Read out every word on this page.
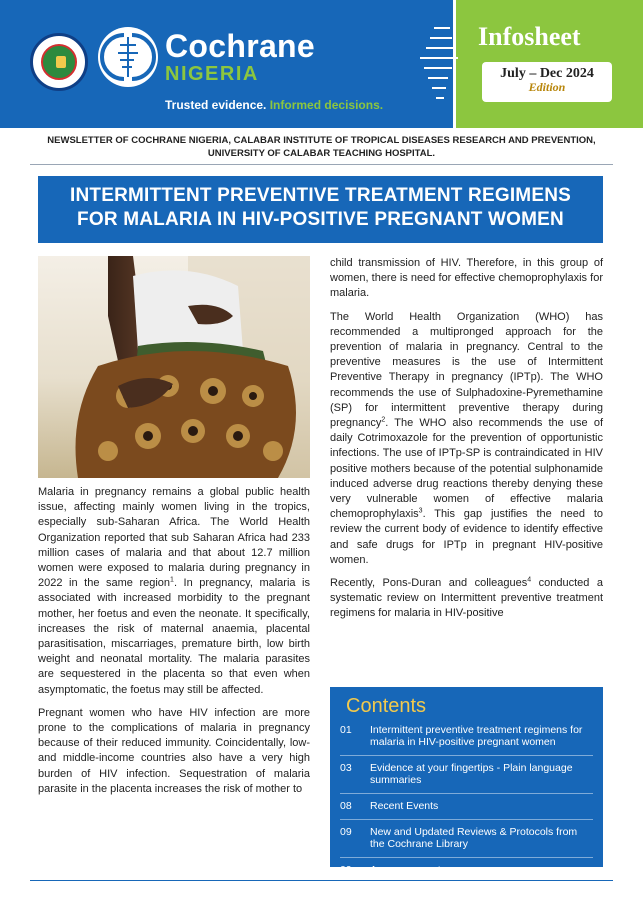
Cochrane
NIGERIA
Trusted evidence. Informed decisions.
Infosheet
July – Dec 2024
Edition
NEWSLETTER OF COCHRANE NIGERIA, CALABAR INSTITUTE OF TROPICAL DISEASES RESEARCH AND PREVENTION, UNIVERSITY OF CALABAR TEACHING HOSPITAL.
INTERMITTENT PREVENTIVE TREATMENT REGIMENS
FOR MALARIA IN HIV-POSITIVE PREGNANT WOMEN

Malaria in pregnancy remains a global public health issue, affecting mainly women living in the tropics, especially sub-Saharan Africa. The World Health Organization reported that sub Saharan Africa had 233 million cases of malaria and that about 12.7 million women were exposed to malaria during pregnancy in 2022 in the same region$^1$. In pregnancy, malaria is associated with increased morbidity to the pregnant mother, her foetus and even the neonate. It specifically, increases the risk of maternal anaemia, placental parasitisation, miscarriages, premature birth, low birth weight and neonatal mortality. The malaria parasites are sequestered in the placenta so that even when asymptomatic, the foetus may still be affected.

Pregnant women who have HIV infection are more prone to the complications of malaria in pregnancy because of their reduced immunity. Coincidentally, low- and middle-income countries also have a very high burden of HIV infection. Sequestration of malaria parasite in the placenta increases the risk of mother to

child transmission of HIV. Therefore, in this group of women, there is need for effective chemoprophylaxis for malaria.

The World Health Organization (WHO) has recommended a multipronged approach for the prevention of malaria in pregnancy. Central to the preventive measures is the use of Intermittent Preventive Therapy in pregnancy (IPTp). The WHO recommends the use of Sulphadoxine-Pyremethamine (SP) for intermittent preventive therapy during pregnancy$^2$. The WHO also recommends the use of daily Cotrimoxazole for the prevention of opportunistic infections. The use of IPTp-SP is contraindicated in HIV positive mothers because of the potential sulphonamide induced adverse drug reactions thereby denying these very vulnerable women of effective malaria chemoprophylaxis$^3$. This gap justifies the need to review the current body of evidence to identify effective and safe drugs for IPTp in pregnant HIV-positive women.

Recently, Pons-Duran and colleagues$^4$ conducted a systematic review on Intermittent preventive treatment regimens for malaria in HIV-positive

Contents
01	Intermittent preventive treatment regimens for malaria in HIV-positive pregnant women
03	Evidence at your fingertips - Plain language summaries
08	Recent Events
09	New and Updated Reviews & Protocols from the Cochrane Library
09	Announcements
